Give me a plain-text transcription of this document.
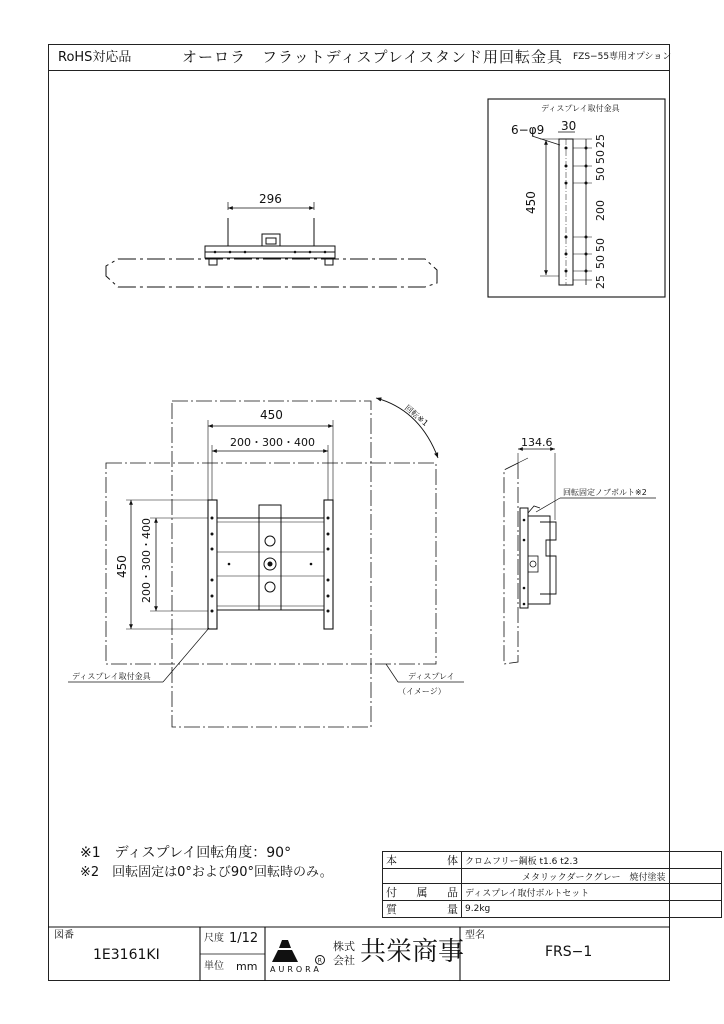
RoHS対応品	オーロラ　フラットディスプレイスタンド用回転金具 FZS−55専用オプション
296
ディスプレイ取付金具
6−φ9 30
450
25
50
50
200
50
50
25
450
200・300・400
450 200・300・400
回転※1
ディスプレイ取付金具	ディスプレイ
（イメージ）
134.6
回転固定ノブボルト※2
※1　ディスプレイ回転角度：90°
※2　回転固定は0°および90°回転時のみ。
本　体	クロムフリー鋼板 t1.6 t2.3
	メタリックダークグレー　焼付塗装
付属品	ディスプレイ取付ボルトセット
質　量	9.2kg
図番
1E3161KI
尺度 1/12
単位 mm	R
AURORA
株式
会社 共栄商事
型名
FRS−1
